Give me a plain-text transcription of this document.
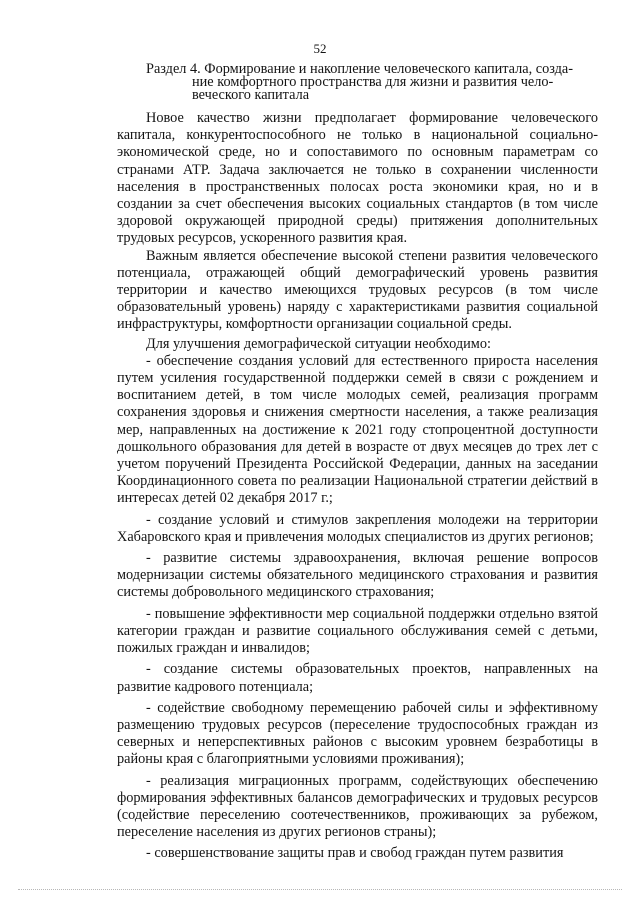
52
Раздел 4. Формирование и накопление человеческого капитала, созда-
ние комфортного пространства для жизни и развития чело-
веческого капитала

Новое качество жизни предполагает формирование человеческого капитала, конкурентоспособного не только в национальной социально-экономической среде, но и сопоставимого по основным параметрам со странами АТР. Задача заключается не только в сохранении численности населения в пространственных полосах роста экономики края, но и в создании за счет обеспечения высоких социальных стандартов (в том числе здоровой окружающей природной среды) притяжения дополнительных трудовых ресурсов, ускоренного развития края.

Важным является обеспечение высокой степени развития человеческого потенциала, отражающей общий демографический уровень развития территории и качество имеющихся трудовых ресурсов (в том числе образовательный уровень) наряду с характеристиками развития социальной инфраструктуры, комфортности организации социальной среды.

Для улучшения демографической ситуации необходимо:

- обеспечение создания условий для естественного прироста населения путем усиления государственной поддержки семей в связи с рождением и воспитанием детей, в том числе молодых семей, реализация программ сохранения здоровья и снижения смертности населения, а также реализация мер, направленных на достижение к 2021 году стопроцентной доступности дошкольного образования для детей в возрасте от двух месяцев до трех лет с учетом поручений Президента Российской Федерации, данных на заседании Координационного совета по реализации Национальной стратегии действий в интересах детей 02 декабря 2017 г.;

- создание условий и стимулов закрепления молодежи на территории Хабаровского края и привлечения молодых специалистов из других регионов;

- развитие системы здравоохранения, включая решение вопросов модернизации системы обязательного медицинского страхования и развития системы добровольного медицинского страхования;

- повышение эффективности мер социальной поддержки отдельно взятой категории граждан и развитие социального обслуживания семей с детьми, пожилых граждан и инвалидов;

- создание системы образовательных проектов, направленных на развитие кадрового потенциала;

- содействие свободному перемещению рабочей силы и эффективному размещению трудовых ресурсов (переселение трудоспособных граждан из северных и неперспективных районов с высоким уровнем безработицы в районы края с благоприятными условиями проживания);

- реализация миграционных программ, содействующих обеспечению формирования эффективных балансов демографических и трудовых ресурсов (содействие переселению соотечественников, проживающих за рубежом, переселение населения из других регионов страны);

- совершенствование защиты прав и свобод граждан путем развития
